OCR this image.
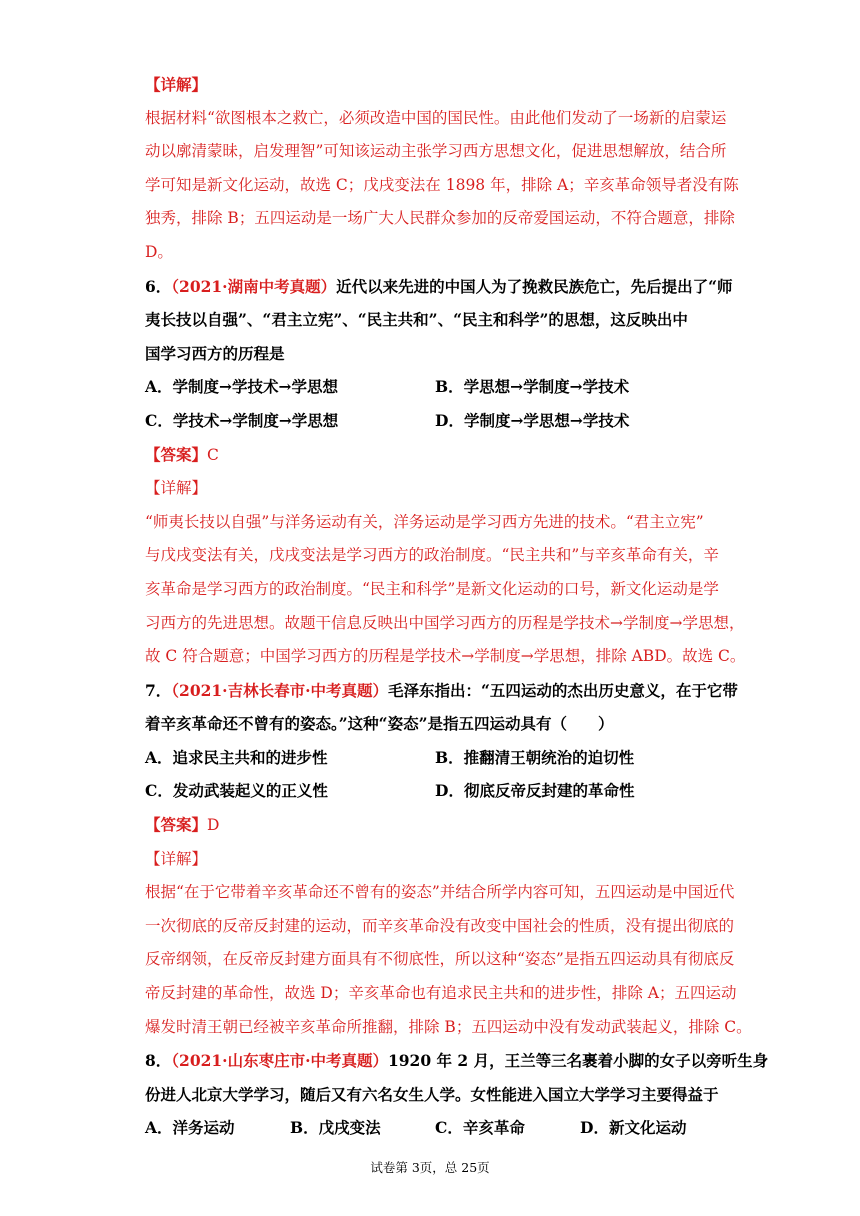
【详解】
根据材料“欲图根本之救亡，必须改造中国的国民性。由此他们发动了一场新的启蒙运
动以廓清蒙昧，启发理智”可知该运动主张学习西方思想文化，促进思想解放，结合所
学可知是新文化运动，故选 C；戊戌变法在 1898 年，排除 A；辛亥革命领导者没有陈
独秀，排除 B；五四运动是一场广大人民群众参加的反帝爱国运动，不符合题意，排除
D。
6．（2021·湖南中考真题）近代以来先进的中国人为了挽救民族危亡，先后提出了“师
夷长技以自强”、“君主立宪”、“民主共和”、“民主和科学”的思想，这反映出中
国学习西方的历程是
A．学制度→学技术→学思想	B．学思想→学制度→学技术
C．学技术→学制度→学思想	D．学制度→学思想→学技术
【答案】C
【详解】
“师夷长技以自强”与洋务运动有关，洋务运动是学习西方先进的技术。“君主立宪”
与戊戌变法有关，戊戌变法是学习西方的政治制度。“民主共和”与辛亥革命有关，辛
亥革命是学习西方的政治制度。“民主和科学”是新文化运动的口号，新文化运动是学
习西方的先进思想。故题干信息反映出中国学习西方的历程是学技术→学制度→学思想，
故 C 符合题意；中国学习西方的历程是学技术→学制度→学思想，排除 ABD。故选 C。
7．（2021·吉林长春市·中考真题）毛泽东指出：“五四运动的杰出历史意义，在于它带
着辛亥革命还不曾有的姿态。”这种“姿态”是指五四运动具有（　　）
A．追求民主共和的进步性	B．推翻清王朝统治的迫切性
C．发动武装起义的正义性	D．彻底反帝反封建的革命性
【答案】D
【详解】
根据“在于它带着辛亥革命还不曾有的姿态”并结合所学内容可知，五四运动是中国近代
一次彻底的反帝反封建的运动，而辛亥革命没有改变中国社会的性质，没有提出彻底的
反帝纲领，在反帝反封建方面具有不彻底性，所以这种“姿态”是指五四运动具有彻底反
帝反封建的革命性，故选 D；辛亥革命也有追求民主共和的进步性，排除 A；五四运动
爆发时清王朝已经被辛亥革命所推翻，排除 B；五四运动中没有发动武装起义，排除 C。
8．（2021·山东枣庄市·中考真题）1920 年 2 月，王兰等三名裹着小脚的女子以旁听生身
份进人北京大学学习，随后又有六名女生人学。女性能进入国立大学学习主要得益于
A．洋务运动	B．戊戌变法	C．辛亥革命	D．新文化运动
试卷第 3页，总 25页
